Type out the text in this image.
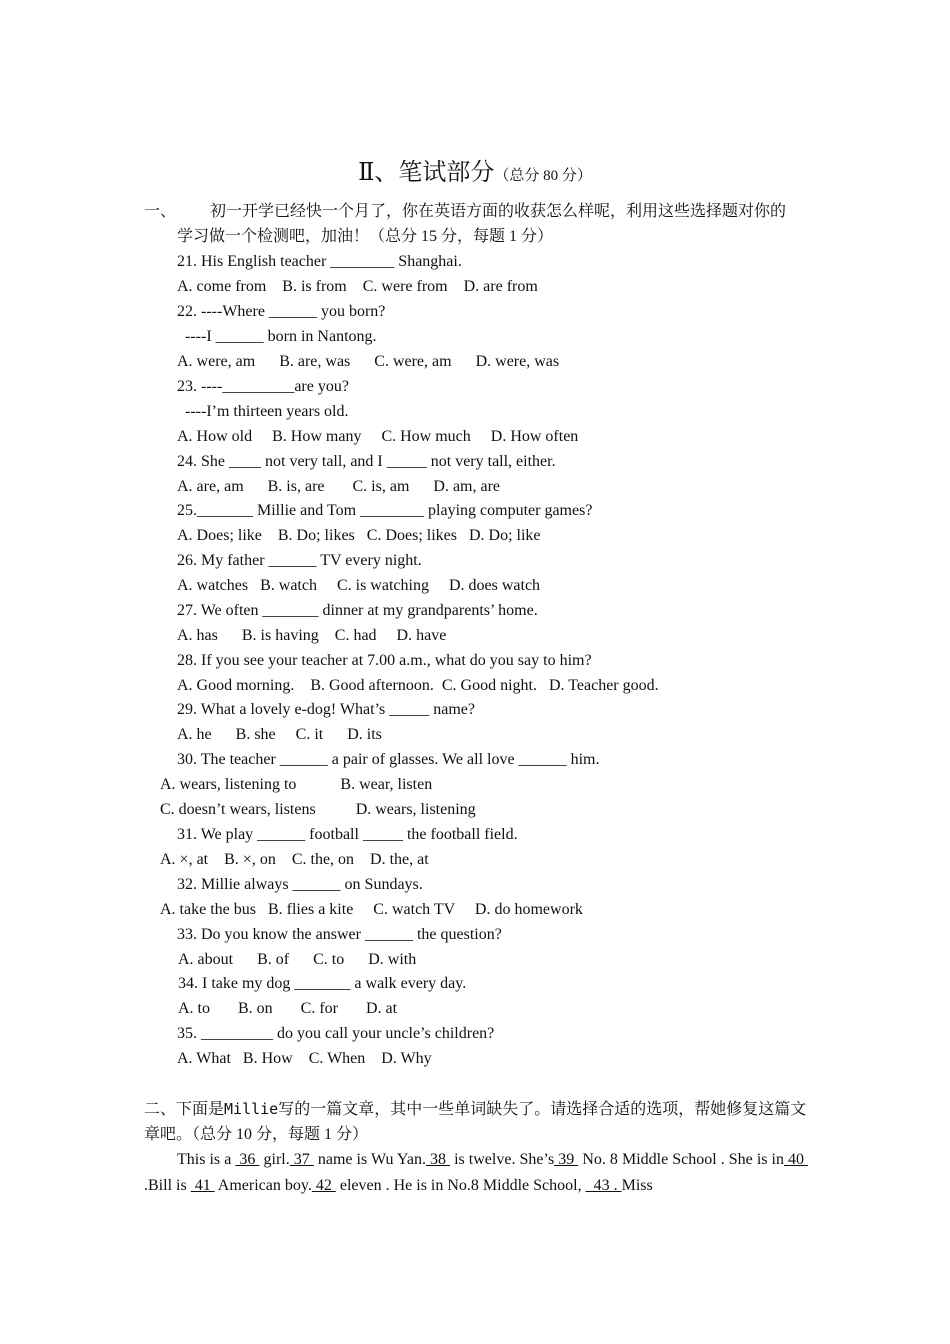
Ⅱ、笔试部分（总分 80 分）
一、 初一开学已经快一个月了，你在英语方面的收获怎么样呢，利用这些选择题对你的
学习做一个检测吧，加油！（总分 15 分，每题 1 分）
21. His English teacher ________ Shanghai.
A. come from    B. is from    C. were from    D. are from
22. ----Where ______ you born?
----I ______ born in Nantong.
A. were, am      B. are, was      C. were, am      D. were, was
23. ----_________are you?
----I’m thirteen years old.
A. How old     B. How many     C. How much     D. How often
24. She ____ not very tall, and I _____ not very tall, either.
A. are, am      B. is, are       C. is, am      D. am, are
25._______ Millie and Tom ________ playing computer games?
A. Does; like    B. Do; likes   C. Does; likes   D. Do; like
26. My father ______ TV every night.
A. watches   B. watch     C. is watching     D. does watch
27. We often _______ dinner at my grandparents’ home.
A. has      B. is having    C. had     D. have
28. If you see your teacher at 7.00 a.m., what do you say to him?
A. Good morning.    B. Good afternoon.  C. Good night.   D. Teacher good.
29. What a lovely e-dog! What’s _____ name?
A. he      B. she     C. it      D. its
30. The teacher ______ a pair of glasses. We all love ______ him.
A. wears, listening to           B. wear, listen
C. doesn’t wears, listens          D. wears, listening
31. We play ______ football _____ the football field.
A. ×, at    B. ×, on    C. the, on    D. the, at
32. Millie always ______ on Sundays.
A. take the bus   B. flies a kite     C. watch TV     D. do homework
33. Do you know the answer ______ the question?
A. about      B. of      C. to      D. with
34. I take my dog _______ a walk every day.
A. to       B. on       C. for       D. at
35. _________ do you call your uncle’s children?
A. What   B. How    C. When    D. Why
二、下面是Millie写的一篇文章，其中一些单词缺失了。请选择合适的选项，帮她修复这篇文章吧。（总分 10 分，每题 1 分）

This is a  36  girl. 37  name is Wu Yan. 38  is twelve. She’s 39  No. 8 Middle School . She is in 40  .Bill is  41  American boy. 42  eleven . He is in No.8 Middle School,   43 . Miss
